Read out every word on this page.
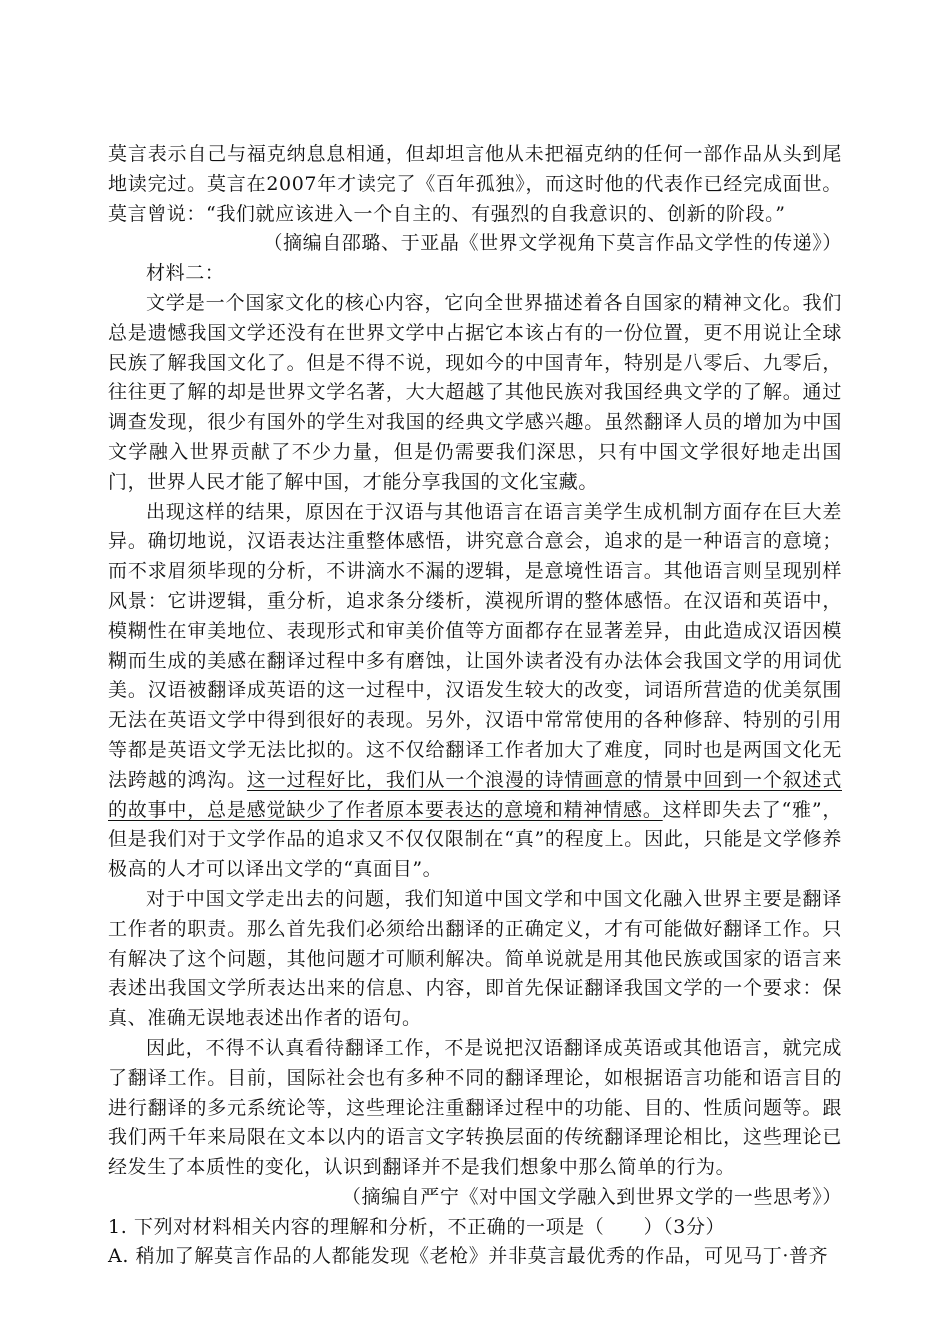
莫言表示自己与福克纳息息相通，但却坦言他从未把福克纳的任何一部作品从头到尾地读完过。莫言在2007年才读完了《百年孤独》，而这时他的代表作已经完成面世。莫言曾说：“我们就应该进入一个自主的、有强烈的自我意识的、创新的阶段。”

（摘编自邵璐、于亚晶《世界文学视角下莫言作品文学性的传递》）

材料二：

文学是一个国家文化的核心内容，它向全世界描述着各自国家的精神文化。我们总是遗憾我国文学还没有在世界文学中占据它本该占有的一份位置，更不用说让全球民族了解我国文化了。但是不得不说，现如今的中国青年，特别是八零后、九零后，往往更了解的却是世界文学名著，大大超越了其他民族对我国经典文学的了解。通过调查发现，很少有国外的学生对我国的经典文学感兴趣。虽然翻译人员的增加为中国文学融入世界贡献了不少力量，但是仍需要我们深思，只有中国文学很好地走出国门，世界人民才能了解中国，才能分享我国的文化宝藏。

出现这样的结果，原因在于汉语与其他语言在语言美学生成机制方面存在巨大差异。确切地说，汉语表达注重整体感悟，讲究意合意会，追求的是一种语言的意境；而不求眉须毕现的分析，不讲滴水不漏的逻辑，是意境性语言。其他语言则呈现别样风景：它讲逻辑，重分析，追求条分缕析，漠视所谓的整体感悟。在汉语和英语中，模糊性在审美地位、表现形式和审美价值等方面都存在显著差异，由此造成汉语因模糊而生成的美感在翻译过程中多有磨蚀，让国外读者没有办法体会我国文学的用词优美。汉语被翻译成英语的这一过程中，汉语发生较大的改变，词语所营造的优美氛围无法在英语文学中得到很好的表现。另外，汉语中常常使用的各种修辞、特别的引用等都是英语文学无法比拟的。这不仅给翻译工作者加大了难度，同时也是两国文化无法跨越的鸿沟。这一过程好比，我们从一个浪漫的诗情画意的情景中回到一个叙述式的故事中，总是感觉缺少了作者原本要表达的意境和精神情感。这样即失去了“雅”，但是我们对于文学作品的追求又不仅仅限制在“真”的程度上。因此，只能是文学修养极高的人才可以译出文学的“真面目”。

对于中国文学走出去的问题，我们知道中国文学和中国文化融入世界主要是翻译工作者的职责。那么首先我们必须给出翻译的正确定义，才有可能做好翻译工作。只有解决了这个问题，其他问题才可顺利解决。简单说就是用其他民族或国家的语言来表述出我国文学所表达出来的信息、内容，即首先保证翻译我国文学的一个要求：保真、准确无误地表述出作者的语句。

因此，不得不认真看待翻译工作，不是说把汉语翻译成英语或其他语言，就完成了翻译工作。目前，国际社会也有多种不同的翻译理论，如根据语言功能和语言目的进行翻译的多元系统论等，这些理论注重翻译过程中的功能、目的、性质问题等。跟我们两千年来局限在文本以内的语言文字转换层面的传统翻译理论相比，这些理论已经发生了本质性的变化，认识到翻译并不是我们想象中那么简单的行为。

（摘编自严宁《对中国文学融入到世界文学的一些思考》）

1. 下列对材料相关内容的理解和分析，不正确的一项是（　　）（3分）

A. 稍加了解莫言作品的人都能发现《老枪》并非莫言最优秀的作品，可见马丁·普齐
